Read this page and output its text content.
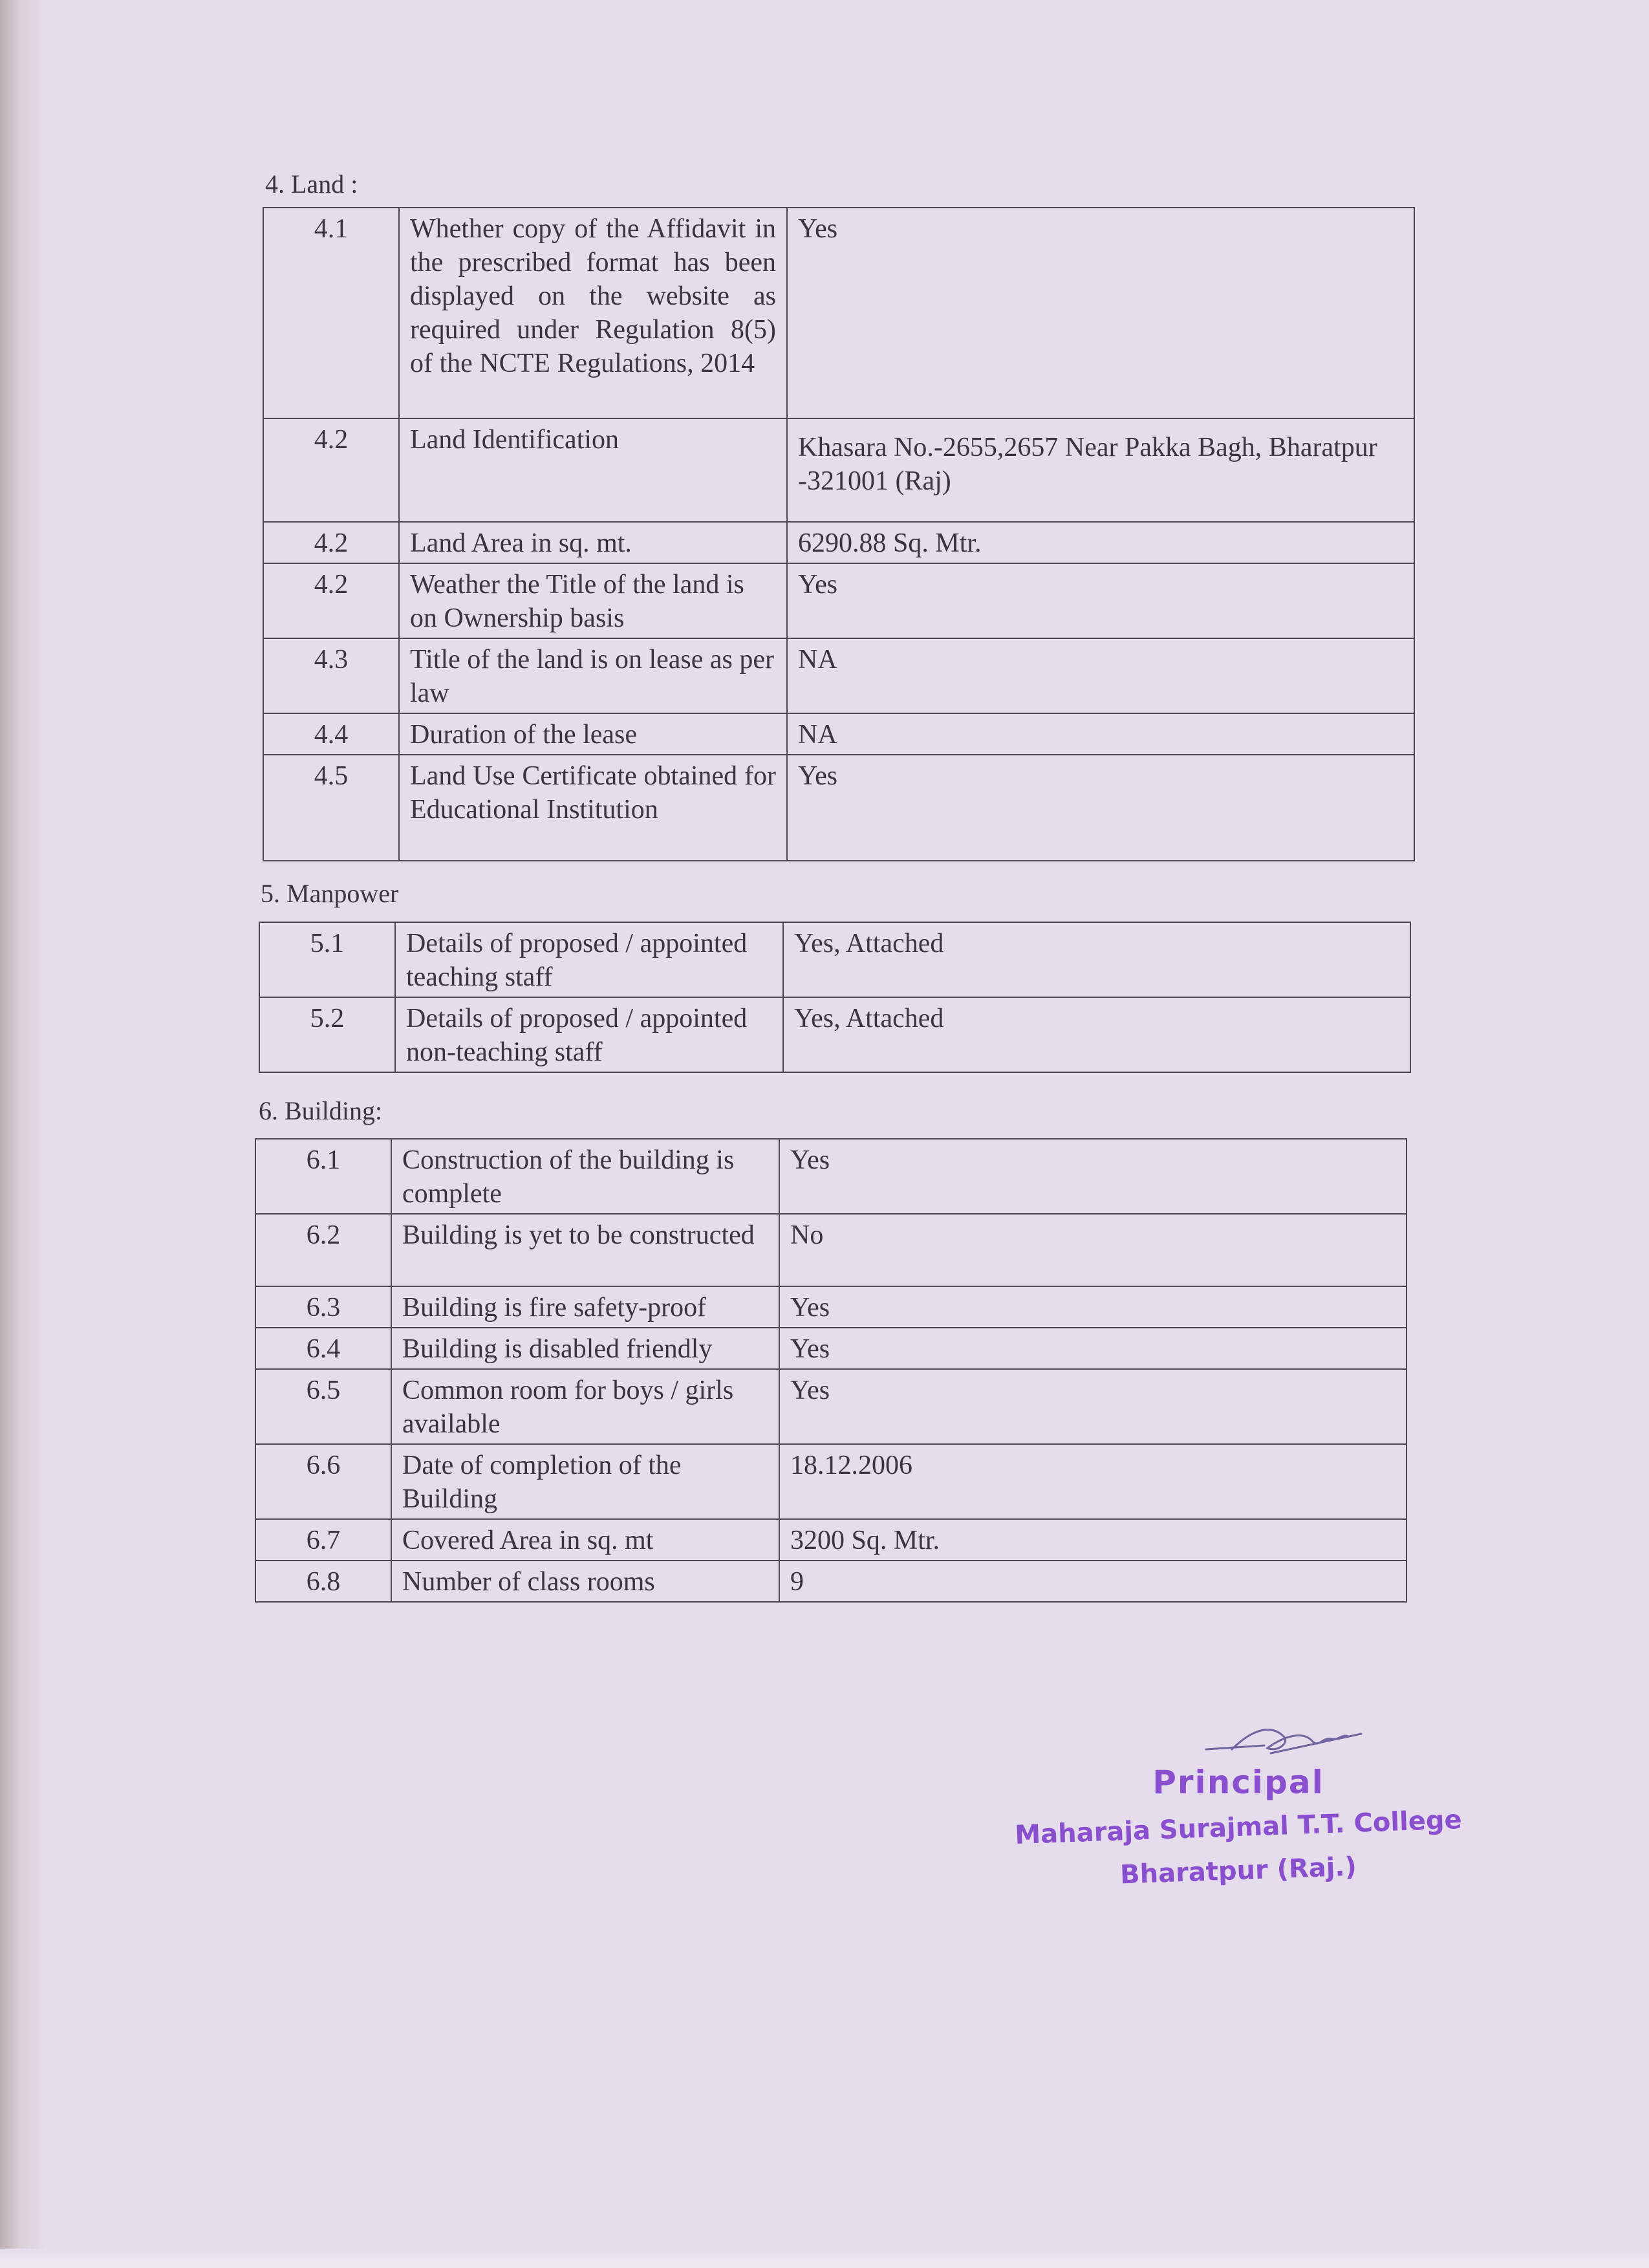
4. Land :
4.1	Whether copy of the Affidavit in the prescribed format has been displayed on the website as required under Regulation 8(5) of the NCTE Regulations, 2014	Yes
4.2	Land Identification	Khasara No.-2655,2657 Near Pakka Bagh, Bharatpur -321001 (Raj)
4.2	Land Area in sq. mt.	6290.88 Sq. Mtr.
4.2	Weather the Title of the land is on Ownership basis	Yes
4.3	Title of the land is on lease as per law	NA
4.4	Duration of the lease	NA
4.5	Land Use Certificate obtained for Educational Institution	Yes
5. Manpower
5.1	Details of proposed / appointed teaching staff	Yes, Attached
5.2	Details of proposed / appointed non-teaching staff	Yes, Attached
6. Building:
6.1	Construction of the building is complete	Yes
6.2	Building is yet to be constructed	No
6.3	Building is fire safety-proof	Yes
6.4	Building is disabled friendly	Yes
6.5	Common room for boys / girls available	Yes
6.6	Date of completion of the Building	18.12.2006
6.7	Covered Area in sq. mt	3200 Sq. Mtr.
6.8	Number of class rooms	9
Principal
Maharaja Surajmal T.T. College
Bharatpur (Raj.)
